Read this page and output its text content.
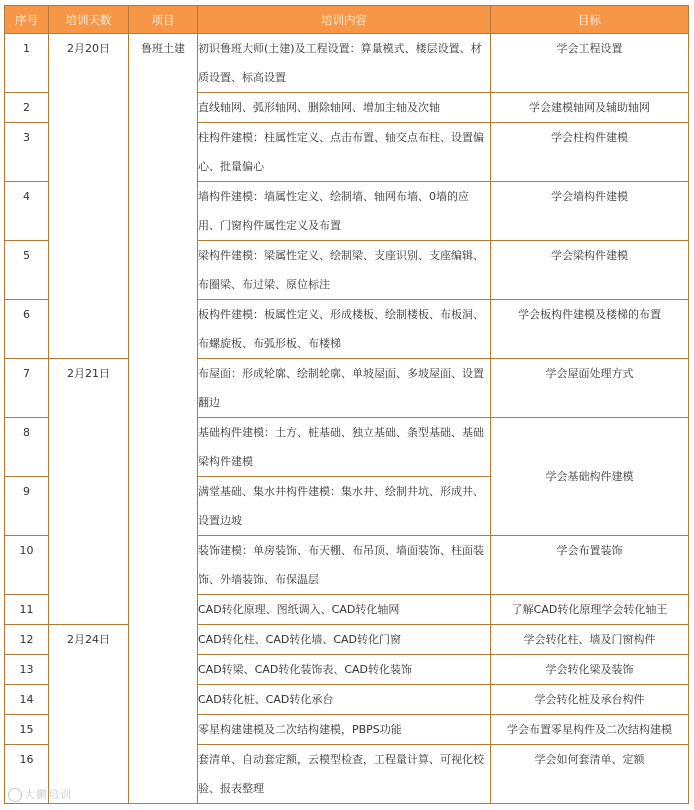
序号	培训天数	项目	培训内容	目标

1	2月20日	鲁班土建	初识鲁班大师(土建)及工程设置：算量模式、楼层设置、材质设置、标高设置	学会工程设置

2			直线轴网、弧形轴网、删除轴网、增加主轴及次轴	学会建模轴网及辅助轴网

3			柱构件建模：柱属性定义、点击布置、轴交点布柱、设置偏心、批量偏心	学会柱构件建模

4			墙构件建模：墙属性定义、绘制墙、轴网布墙、0墙的应用、门窗构件属性定义及布置	学会墙构件建模

5			梁构件建模：梁属性定义、绘制梁、支座识别、支座编辑、布圈梁、布过梁、原位标注	学会梁构件建模

6			板构件建模：板属性定义、形成楼板、绘制楼板、布板洞、布螺旋板、布弧形板、布楼梯	学会板构件建模及楼梯的布置

7	2月21日		布屋面：形成轮廓、绘制轮廓、单坡屋面、多坡屋面、设置翻边	学会屋面处理方式

8			基础构件建模：土方、桩基础、独立基础、条型基础、基础梁构件建模	学会基础构件建模

9			满堂基础、集水井构件建模：集水井、绘制井坑、形成井、设置边坡	

10			装饰建模：单房装饰、布天棚、布吊顶、墙面装饰、柱面装饰、外墙装饰、布保温层	学会布置装饰

11			CAD转化原理、图纸调入、CAD转化轴网	了解CAD转化原理学会转化轴王

12	2月24日		CAD转化柱、CAD转化墙、CAD转化门窗	学会转化柱、墙及门窗构件

13			CAD转梁、CAD转化装饰表、CAD转化装饰	学会转化梁及装饰

14			CAD转化桩、CAD转化承台	学会转化桩及承台构件

15			零星构建建模及二次结构建模，PBPS功能	学会布置零星构件及二次结构建模

16			套清单、自动套定额，云模型检查，工程量计算、可视化校验、报表整理	学会如何套清单、定额
大鹏培训
